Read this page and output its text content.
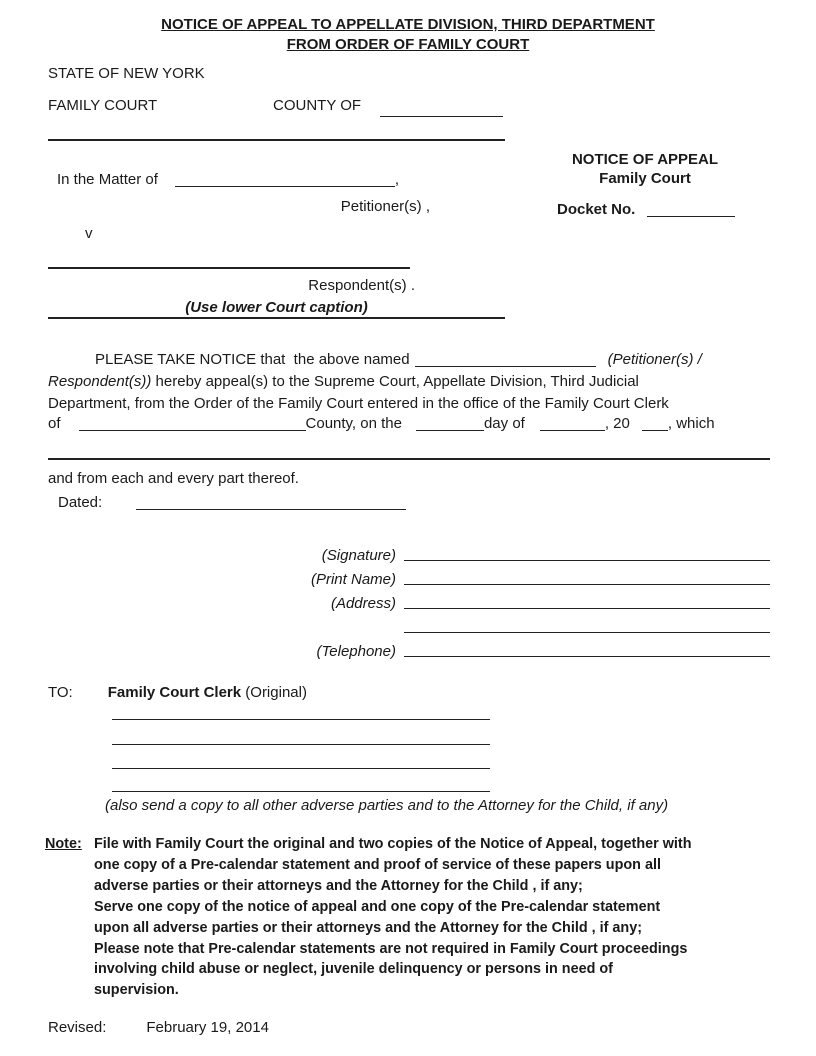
NOTICE OF APPEAL TO APPELLATE DIVISION, THIRD DEPARTMENT
FROM ORDER OF FAMILY COURT
STATE OF NEW YORK
FAMILY COURT	COUNTY OF
In the Matter of	,
Petitioner(s) ,
v
Respondent(s) .
(Use lower Court caption)
NOTICE OF APPEAL
Family Court
Docket No.
PLEASE TAKE NOTICE that  the above named	(Petitioner(s) /
Respondent(s)) hereby appeal(s) to the Supreme Court, Appellate Division, Third Judicial
Department, from the Order of the Family Court entered in the office of the Family Court Clerk
of	County, on the	day of	, 20	, which
and from each and every part thereof.
Dated:
(Signature)
(Print Name)
(Address)
(Telephone)
TO: Family Court Clerk (Original)
(also send a copy to all other adverse parties and to the Attorney for the Child, if any)
Note: File with Family Court the original and two copies of the Notice of Appeal, together with
one copy of a Pre-calendar statement and proof of service of these papers upon all
adverse parties or their attorneys and the Attorney for the Child , if any;
Serve one copy of the notice of appeal and one copy of the Pre-calendar statement
upon all adverse parties or their attorneys and the Attorney for the Child , if any;
Please note that Pre-calendar statements are not required in Family Court proceedings
involving child abuse or neglect, juvenile delinquency or persons in need of
supervision.
Revised:	February 19, 2014
